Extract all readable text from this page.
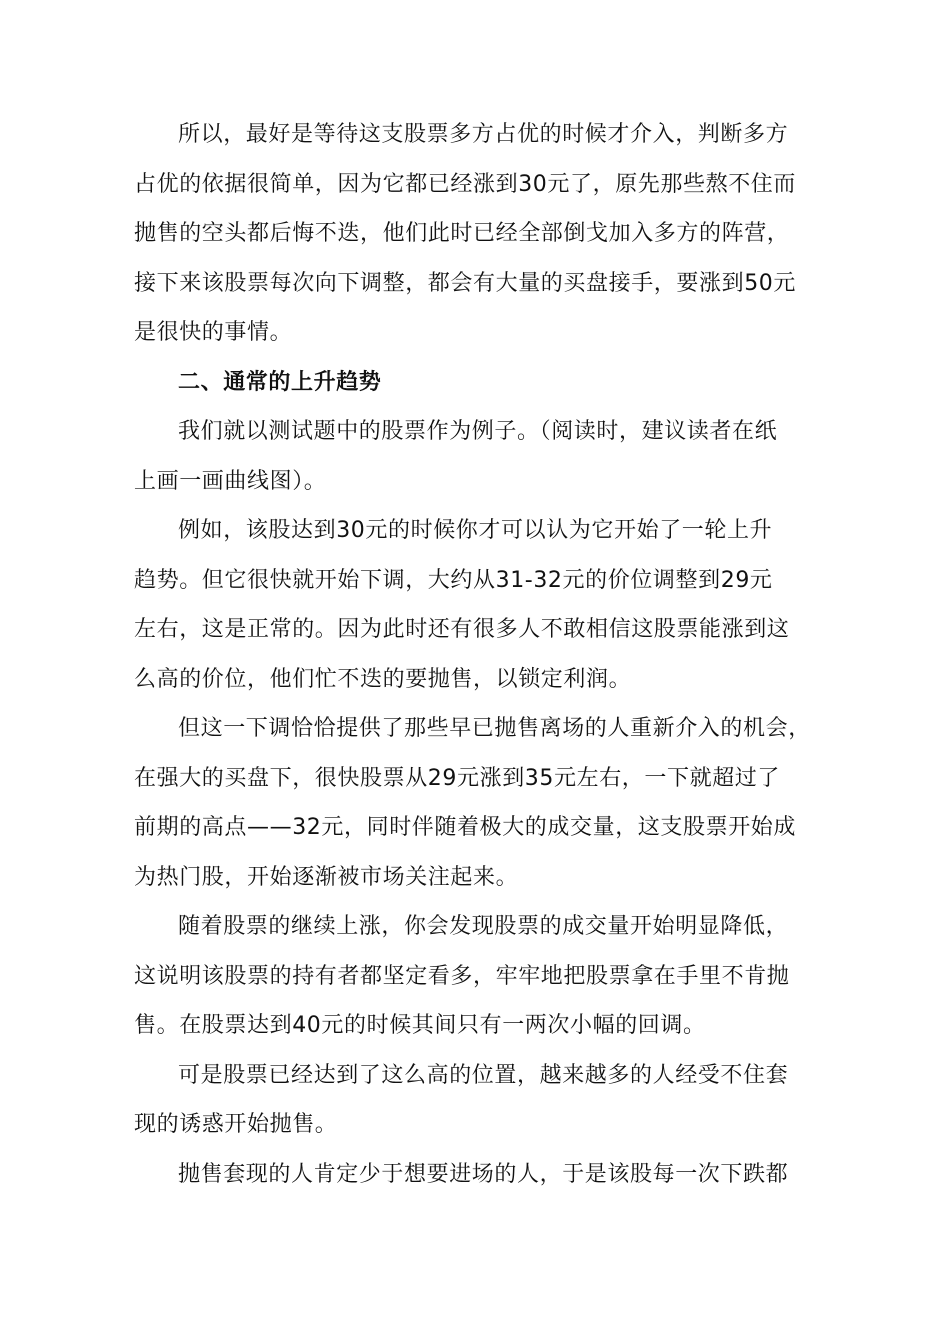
所以，最好是等待这支股票多方占优的时候才介入，判断多方
占优的依据很简单，因为它都已经涨到30元了，原先那些熬不住而
抛售的空头都后悔不迭，他们此时已经全部倒戈加入多方的阵营，
接下来该股票每次向下调整，都会有大量的买盘接手，要涨到50元
是很快的事情。
二、通常的上升趋势
我们就以测试题中的股票作为例子。（阅读时，建议读者在纸
上画一画曲线图）。
例如，该股达到30元的时候你才可以认为它开始了一轮上升
趋势。但它很快就开始下调，大约从31-32元的价位调整到29元
左右，这是正常的。因为此时还有很多人不敢相信这股票能涨到这
么高的价位，他们忙不迭的要抛售，以锁定利润。
但这一下调恰恰提供了那些早已抛售离场的人重新介入的机会，
在强大的买盘下，很快股票从29元涨到35元左右，一下就超过了
前期的高点——32元，同时伴随着极大的成交量，这支股票开始成
为热门股，开始逐渐被市场关注起来。
随着股票的继续上涨，你会发现股票的成交量开始明显降低，
这说明该股票的持有者都坚定看多，牢牢地把股票拿在手里不肯抛
售。在股票达到40元的时候其间只有一两次小幅的回调。
可是股票已经达到了这么高的位置，越来越多的人经受不住套
现的诱惑开始抛售。
抛售套现的人肯定少于想要进场的人，于是该股每一次下跌都
